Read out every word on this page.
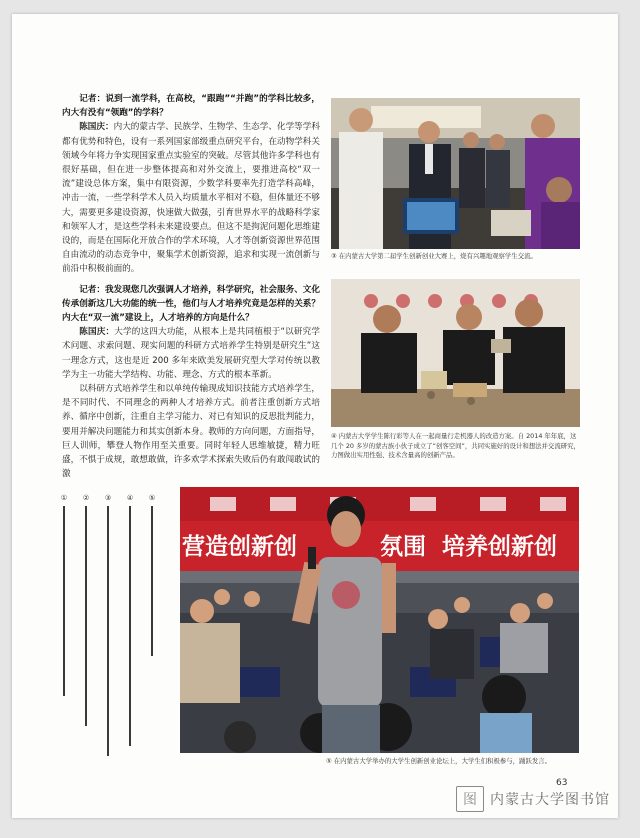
记者：说到一流学科，在高校，“跟跑”“并跑”的学科比较多，内大有没有“领跑”的学科？

陈国庆：内大的蒙古学、民族学、生物学、生态学、化学等学科都有优势和特色，设有一系列国家部级重点研究平台，在动物学科关领域今年将力争实现国家重点实验室的突破。尽管其他许多学科也有很好基础，但在进一步整体提高和对外交流上，要推进高校“双一流”建设总体方案，集中有限资源，少数学科要率先打造学科高峰，冲击一流，一些学科学术人员入均质量水平相对不稳，但体量还不够大，需要更多建设资源，快速做大做强，引育世界水平的战略科学家和领军人才，是这些学科未来建设要点。但这不是拘泥问题化思维建设的，而是在国际化开放合作的学术环境，人才等创新资源世界范围自由流动的动态竞争中，聚集学术创新资源，追求和实现一流创新与前沿中积极前面的。

记者：我发现您几次强调人才培养，科学研究，社会服务、文化传承创新这几大功能的统一性，他们与人才培养究竟是怎样的关系？内大在“双一流”建设上，人才培养的方向是什么？

陈国庆：大学的这四大功能，从根本上是共同植根于“以研究学术问题、求索问题、现实问题的科研方式培养学生特别是研究生”这一理念方式，这也是近 200 多年来欧美发展研究型大学对传统以教学为主一功能大学结构、功能、理念、方式的根本革新。

以科研方式培养学生和以单纯传输现成知识技能方式培养学生，是不同时代、不同理念的两种人才培养方式。前者注重创新方式培养、循序中创新，注重自主学习能力、对已有知识的反思批判能力，要用并解决问题能力和其实创新本身。教师的方向问题，方面指导，巨人训师，攀登人物作用至关重要。同时年轻人思维敏捷，精力旺盛，不惧于成规，敢想敢做，许多欢学术探索失败后仍有敢闯敢试的激

③ 在内蒙古大学第二届学生创新创业大赛上，烧有兴趣地观察学生交流。
④ 内蒙古大学学生陈行彩等人在一起商量行走机器人的改造方案。自 2014 年年底，这几个 20 多岁的蒙古族小伙子成立了“创客空间”，共同实施好的设计和想法并交流研究，力图做出实用性强、技术含量高的创新产品。
① ② ③ ④ ⑤
营造创新创	氛围 培养创新创
⑤ 在内蒙古大学举办的大学生创新创业论坛上，大学生们积极参与，踊跃发言。
63
图 内蒙古大学图书馆
